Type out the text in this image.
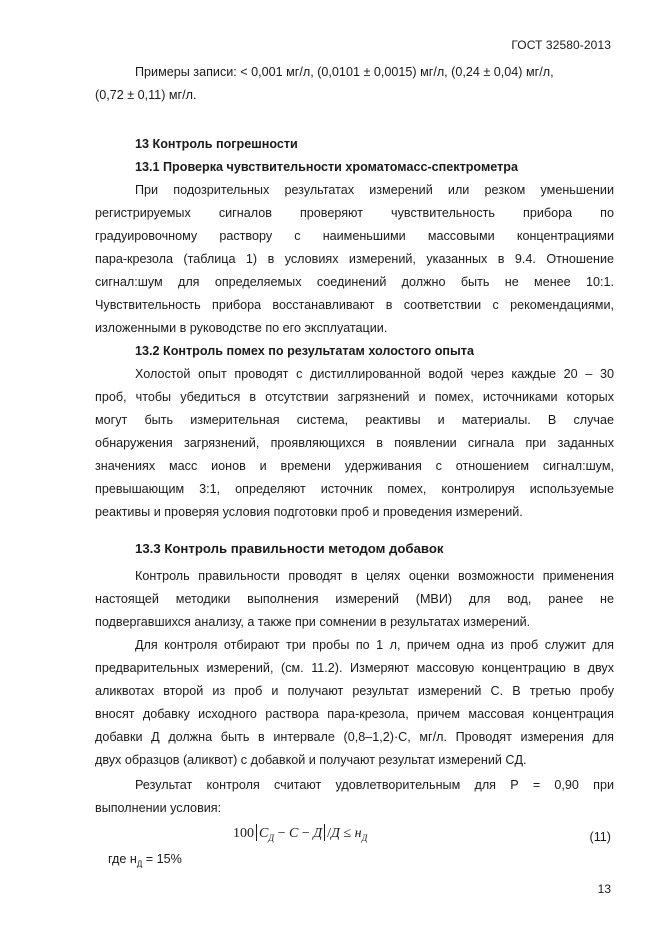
ГОСТ 32580-2013
Примеры записи: < 0,001 мг/л, (0,0101 ± 0,0015) мг/л, (0,24 ± 0,04) мг/л,
(0,72 ± 0,11) мг/л.
13 Контроль погрешности
13.1 Проверка чувствительности хроматомасс-спектрометра
При подозрительных результатах измерений или резком уменьшении
регистрируемых сигналов проверяют чувствительность прибора по
градуировочному раствору с наименьшими массовыми концентрациями
пара-крезола (таблица 1) в условиях измерений, указанных в 9.4. Отношение
сигнал:шум для определяемых соединений должно быть не менее 10:1.
Чувствительность прибора восстанавливают в соответствии с рекомендациями,
изложенными в руководстве по его эксплуатации.
13.2 Контроль помех по результатам холостого опыта
Холостой опыт проводят с дистиллированной водой через каждые 20 – 30
проб, чтобы убедиться в отсутствии загрязнений и помех, источниками которых
могут быть измерительная система, реактивы и материалы. В случае
обнаружения загрязнений, проявляющихся в появлении сигнала при заданных
значениях масс ионов и времени удерживания с отношением сигнал:шум,
превышающим 3:1, определяют источник помех, контролируя используемые
реактивы и проверяя условия подготовки проб и проведения измерений.
13.3 Контроль правильности методом добавок
Контроль правильности проводят в целях оценки возможности применения
настоящей методики выполнения измерений (МВИ) для вод, ранее не
подвергавшихся анализу, а также при сомнении в результатах измерений.
Для контроля отбирают три пробы по 1 л, причем одна из проб служит для
предварительных измерений, (см. 11.2). Измеряют массовую концентрацию в двух
аликвотах второй из проб и получают результат измерений C. В третью пробу
вносят добавку исходного раствора пара-крезола, причем массовая концентрация
добавки Д должна быть в интервале (0,8–1,2)·C, мг/л. Проводят измерения для
двух образцов (аликвот) с добавкой и получают результат измерений CД.
Результат контроля считают удовлетворительным для Р = 0,90 при
выполнении условия:
100 $C_Д - C - Д$ $/Д \le н_Д$	(11)
где $н_Д = 15\%$
13
